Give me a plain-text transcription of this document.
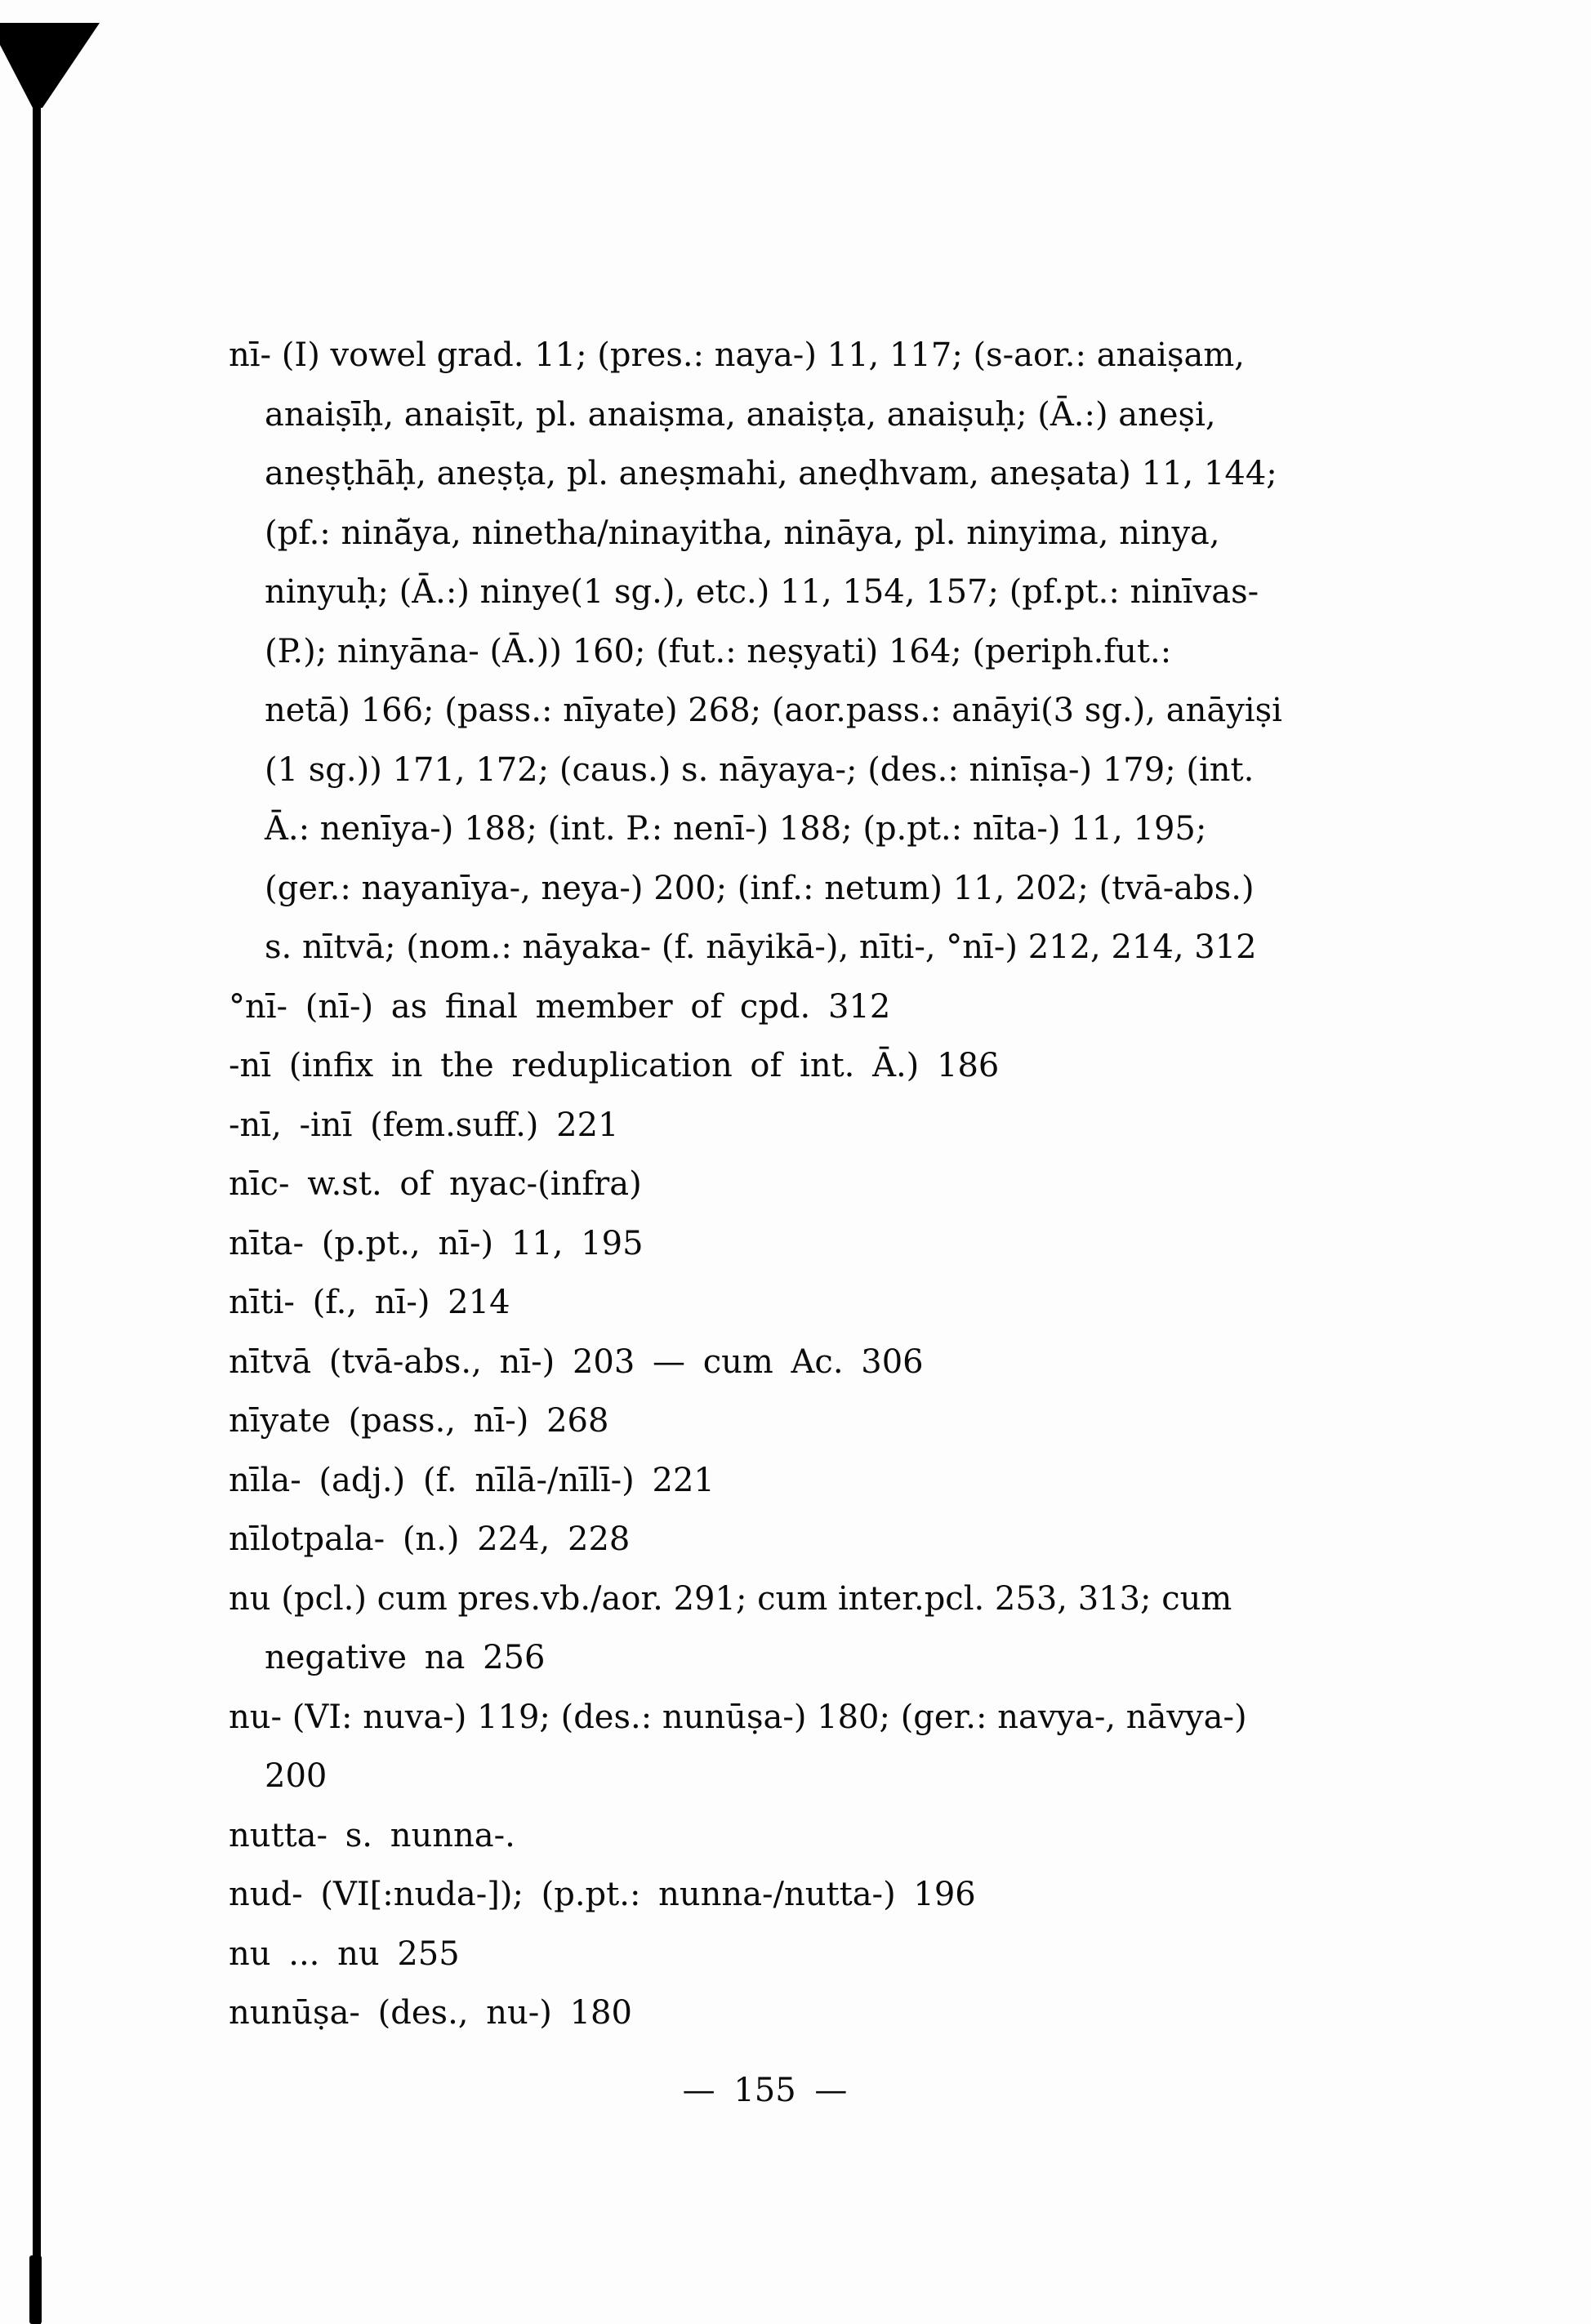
nī- (I) vowel grad. 11; (pres.: naya-) 11, 117; (s-aor.: anaiṣam,
anaiṣīḥ, anaiṣīt, pl. anaiṣma, anaiṣṭa, anaiṣuḥ; (Ā.:) aneṣi,
aneṣṭhāḥ, aneṣṭa, pl. aneṣmahi, aneḍhvam, aneṣata) 11, 144;
(pf.: ninā̆ya, ninetha/ninayitha, nināya, pl. ninyima, ninya,
ninyuḥ; (Ā.:) ninye(1 sg.), etc.) 11, 154, 157; (pf.pt.: ninīvas-
(P.); ninyāna- (Ā.)) 160; (fut.: neṣyati) 164; (periph.fut.:
netā) 166; (pass.: nīyate) 268; (aor.pass.: anāyi(3 sg.), anāyiṣi
(1 sg.)) 171, 172; (caus.) s. nāyaya-; (des.: ninīṣa-) 179; (int.
Ā.: nenīya-) 188; (int. P.: nenī-) 188; (p.pt.: nīta-) 11, 195;
(ger.: nayanīya-, neya-) 200; (inf.: netum) 11, 202; (tvā-abs.)
s. nītvā; (nom.: nāyaka- (f. nāyikā-), nīti-, °nī-) 212, 214, 312
°nī- (nī-) as final member of cpd. 312
-nī (infix in the reduplication of int. Ā.) 186
-nī, -inī (fem.suff.) 221
nīc- w.st. of nyac-(infra)
nīta- (p.pt., nī-) 11, 195
nīti- (f., nī-) 214
nītvā (tvā-abs., nī-) 203 — cum Ac. 306
nīyate (pass., nī-) 268
nīla- (adj.) (f. nīlā-/nīlī-) 221
nīlotpala- (n.) 224, 228
nu (pcl.) cum pres.vb./aor. 291; cum inter.pcl. 253, 313; cum
negative na 256
nu- (VI: nuva-) 119; (des.: nunūṣa-) 180; (ger.: navya-, nāvya-)
200
nutta- s. nunna-.
nud- (VI[:nuda-]); (p.pt.: nunna-/nutta-) 196
nu ... nu 255
nunūṣa- (des., nu-) 180
— 155 —
